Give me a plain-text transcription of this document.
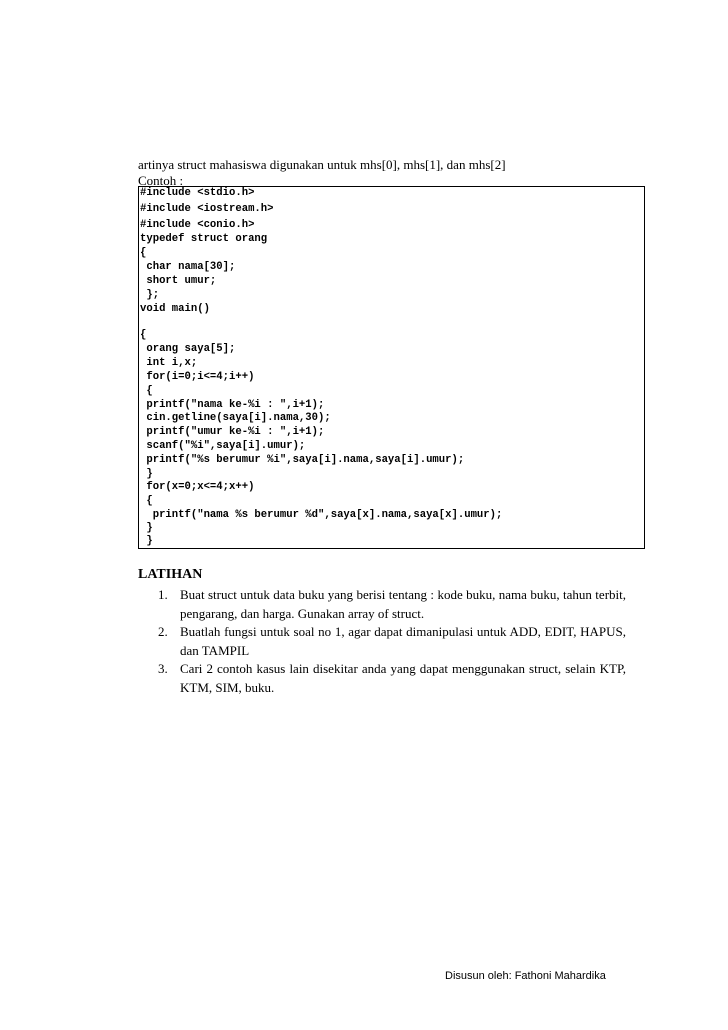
artinya struct mahasiswa digunakan untuk mhs[0], mhs[1], dan mhs[2]
Contoh :
#include <stdio.h>
#include <iostream.h>
#include <conio.h>
typedef struct orang
{
char nama[30];
short umur;
};
void main()
{
orang saya[5];
int i,x;
for(i=0;i<=4;i++)
{
printf("nama ke-%i : ",i+1);
cin.getline(saya[i].nama,30);
printf("umur ke-%i : ",i+1);
scanf("%i",saya[i].umur);
printf("%s berumur %i",saya[i].nama,saya[i].umur);
}
for(x=0;x<=4;x++)
{
printf("nama %s berumur %d",saya[x].nama,saya[x].umur);
}
}
LATIHAN
1. Buat struct untuk data buku yang berisi tentang : kode buku, nama buku, tahun terbit, pengarang, dan harga. Gunakan array of struct.
2. Buatlah fungsi untuk soal no 1, agar dapat dimanipulasi untuk ADD, EDIT, HAPUS, dan TAMPIL
3. Cari 2 contoh kasus lain disekitar anda yang dapat menggunakan struct, selain KTP, KTM, SIM, buku.
Disusun oleh: Fathoni Mahardika
